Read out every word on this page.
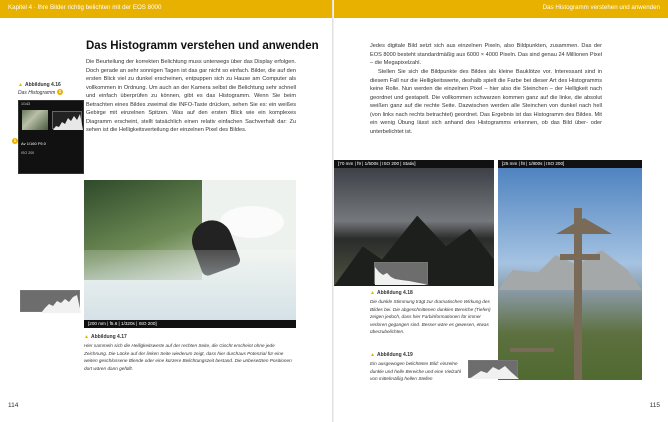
Kapitel 4 · Ihre Bilder richtig belichten mit der EOS 8000
Das Histogramm verstehen und anwenden
▲ Abbildung 4.16
Das Histogramm 1
1/143
Av 1/160 F9.0
ISO 200
1

Die Beurteilung der korrekten Belichtung muss unterwegs über das Display erfolgen. Doch gerade an sehr sonnigen Tagen ist das gar nicht so einfach. Bilder, die auf den ersten Blick viel zu dunkel erscheinen, entpuppen sich zu Hause am Computer als vollkommen in Ordnung. Um auch an der Kamera selbst die Belichtung sehr schnell und einfach überprüfen zu können, gibt es das Histogramm. Wenn Sie beim Betrachten eines Bildes zweimal die INFO-Taste drücken, sehen Sie es: ein weißes Gebirge mit einzelnen Spitzen. Was auf den ersten Blick wie ein komplexes Diagramm erscheint, stellt tatsächlich einen relativ einfachen Sachverhalt dar: Zu sehen ist die Helligkeitsverteilung der einzelnen Pixel des Bildes.

[200 mm | f5.6 | 1/320s | ISO 200]
▲ Abbildung 4.17

Hier sammeln sich die Helligkeitswerte auf der rechten Seite, die Gischt erscheint ohne jede Zeichnung. Die Lücke auf der linken Seite wiederum zeigt, dass hier durchaus Potenzial für eine weiten geschlossene Blende oder eine kürzere Belichtungszeit bestand. Die unbesetzten Positionen dort wären dann gefüllt.

114
Das Histogramm verstehen und anwenden

Jedes digitale Bild setzt sich aus einzelnen Pixeln, also Bildpunkten, zusammen. Das der EOS 8000 besteht standardmäßig aus 6000 × 4000 Pixeln. Das sind genau 24 Millionen Pixel – die Megapixelzahl.

Stellen Sie sich die Bildpunkte des Bildes als kleine Bauklötze vor. Interessant sind in diesem Fall nur die Helligkeitswerte, deshalb spielt die Farbe bei dieser Art des Histogramms keine Rolle. Nun werden die einzelnen Pixel – hier also die Steinchen – der Helligkeit nach geordnet und gestapelt. Die vollkommen schwarzen kommen ganz auf die linke, die absolut weißen ganz auf die rechte Seite. Dazwischen werden alle Steinchen von dunkel nach hell (von links nach rechts betrachtet) geordnet. Das Ergebnis ist das Histogramm des Bildes. Mit ein wenig Übung lässt sich anhand des Histogramms erkennen, ob das Bild über- oder unterbelichtet ist.

[70 mm | f9 | 1/500s | ISO 200 | Stativ]
▲ Abbildung 4.18

Die dunkle Stimmung trägt zur dramatischen Wirkung des Bildes bei. Die abgeschnittenen dunklen Bereiche (Tiefen) zeigen jedoch, dass hier Farbinformationen für immer verloren gegangen sind. Besser wäre es gewesen, etwas überzubelichten.

[25 mm | f8 | 1/800s | ISO 200]
▲ Abbildung 4.19

Ein ausgewogen belichtetes Bild: einzelne dunkle und helle Bereiche und eine Vielzahl von mittelmäßig hellen Stellen

115
